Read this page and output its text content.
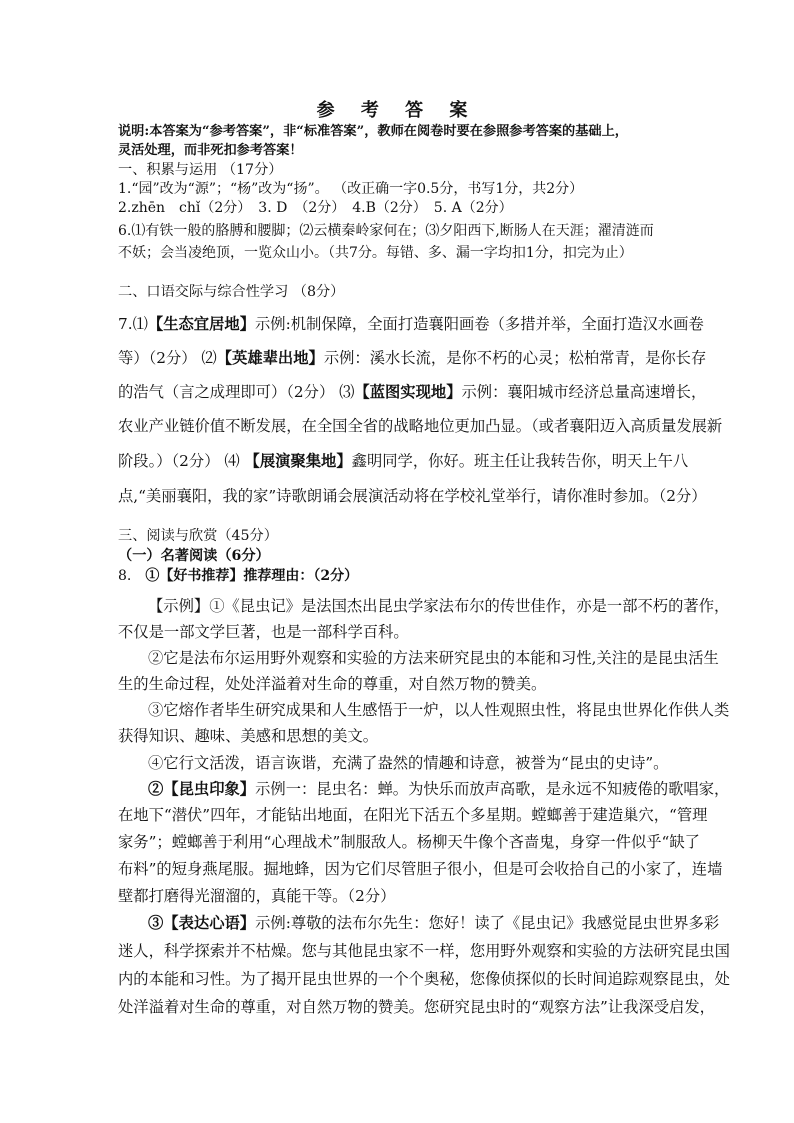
参 考 答 案
说明:本答案为“参考答案”，非“标准答案”，教师在阅卷时要在参照参考答案的基础上，
灵活处理，而非死扣参考答案！
一、积累与运用 （17分）
1.“园”改为“源”；“杨”改为“扬”。 （改正确一字0.5分，书写1分，共2分）
2.zhēn　chǐ（2分）　3. D　（2分）　4.B（2分）　5. A（2分）
6.⑴有铁一般的胳膊和腰脚；⑵云横秦岭家何在；⑶夕阳西下,断肠人在天涯；濯清涟而
不妖；会当凌绝顶，一览众山小。（共7分。每错、多、漏一字均扣1分，扣完为止）
二、口语交际与综合性学习 （8分）
7.⑴【生态宜居地】示例:机制保障，全面打造襄阳画卷（多措并举，全面打造汉水画卷
等）（2分） ⑵【英雄辈出地】示例：溪水长流，是你不朽的心灵；松柏常青，是你长存
的浩气（言之成理即可）（2分） ⑶【蓝图实现地】示例：襄阳城市经济总量高速增长，
农业产业链价值不断发展，在全国全省的战略地位更加凸显。（或者襄阳迈入高质量发展新
阶段。）（2分） ⑷ 【展演聚集地】鑫明同学，你好。班主任让我转告你，明天上午八
点,“美丽襄阳，我的家”诗歌朗诵会展演活动将在学校礼堂举行，请你准时参加。（2分）
三、阅读与欣赏（45分）
（一）名著阅读（6分）
8.　①【好书推荐】推荐理由：（2分）
【示例】①《昆虫记》是法国杰出昆虫学家法布尔的传世佳作，亦是一部不朽的著作，
不仅是一部文学巨著，也是一部科学百科。
②它是法布尔运用野外观察和实验的方法来研究昆虫的本能和习性,关注的是昆虫活生
生的生命过程，处处洋溢着对生命的尊重，对自然万物的赞美。
③它熔作者毕生研究成果和人生感悟于一炉，以人性观照虫性，将昆虫世界化作供人类
获得知识、趣味、美感和思想的美文。
④它行文活泼，语言诙谐，充满了盎然的情趣和诗意，被誉为“昆虫的史诗”。
②【昆虫印象】示例一：昆虫名：蝉。为快乐而放声高歌，是永远不知疲倦的歌唱家，
在地下“潜伏”四年，才能钻出地面，在阳光下活五个多星期。螳螂善于建造巢穴，“管理
家务”；螳螂善于利用“心理战术”制服敌人。杨柳天牛像个吝啬鬼，身穿一件似乎“缺了
布料”的短身燕尾服。掘地蜂，因为它们尽管胆子很小，但是可会收拾自己的小家了，连墙
壁都打磨得光溜溜的，真能干等。（2分）
③【表达心语】示例:尊敬的法布尔先生：您好！读了《昆虫记》我感觉昆虫世界多彩
迷人，科学探索并不枯燥。您与其他昆虫家不一样，您用野外观察和实验的方法研究昆虫国
内的本能和习性。为了揭开昆虫世界的一个个奥秘，您像侦探似的长时间追踪观察昆虫，处
处洋溢着对生命的尊重，对自然万物的赞美。您研究昆虫时的“观察方法”让我深受启发，
